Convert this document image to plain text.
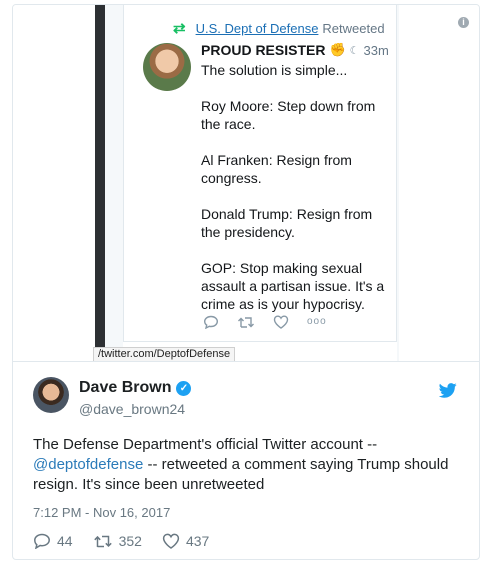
⇄ U.S. Dept of Defense Retweeted
PROUD RESISTER ✊ ☾ 33m

The solution is simple...

Roy Moore: Step down from the race.

Al Franken: Resign from congress.

Donald Trump: Resign from the presidency.

GOP: Stop making sexual assault a partisan issue. It's a crime as is your hypocrisy.

ooo
/twitter.com/DeptofDefense
i
Dave Brown ✓
@dave_brown24
The Defense Department's official Twitter account --
@deptofdefense -- retweeted a comment saying Trump should resign. It's since been unretweeted
7:12 PM - Nov 16, 2017
44	352	437
